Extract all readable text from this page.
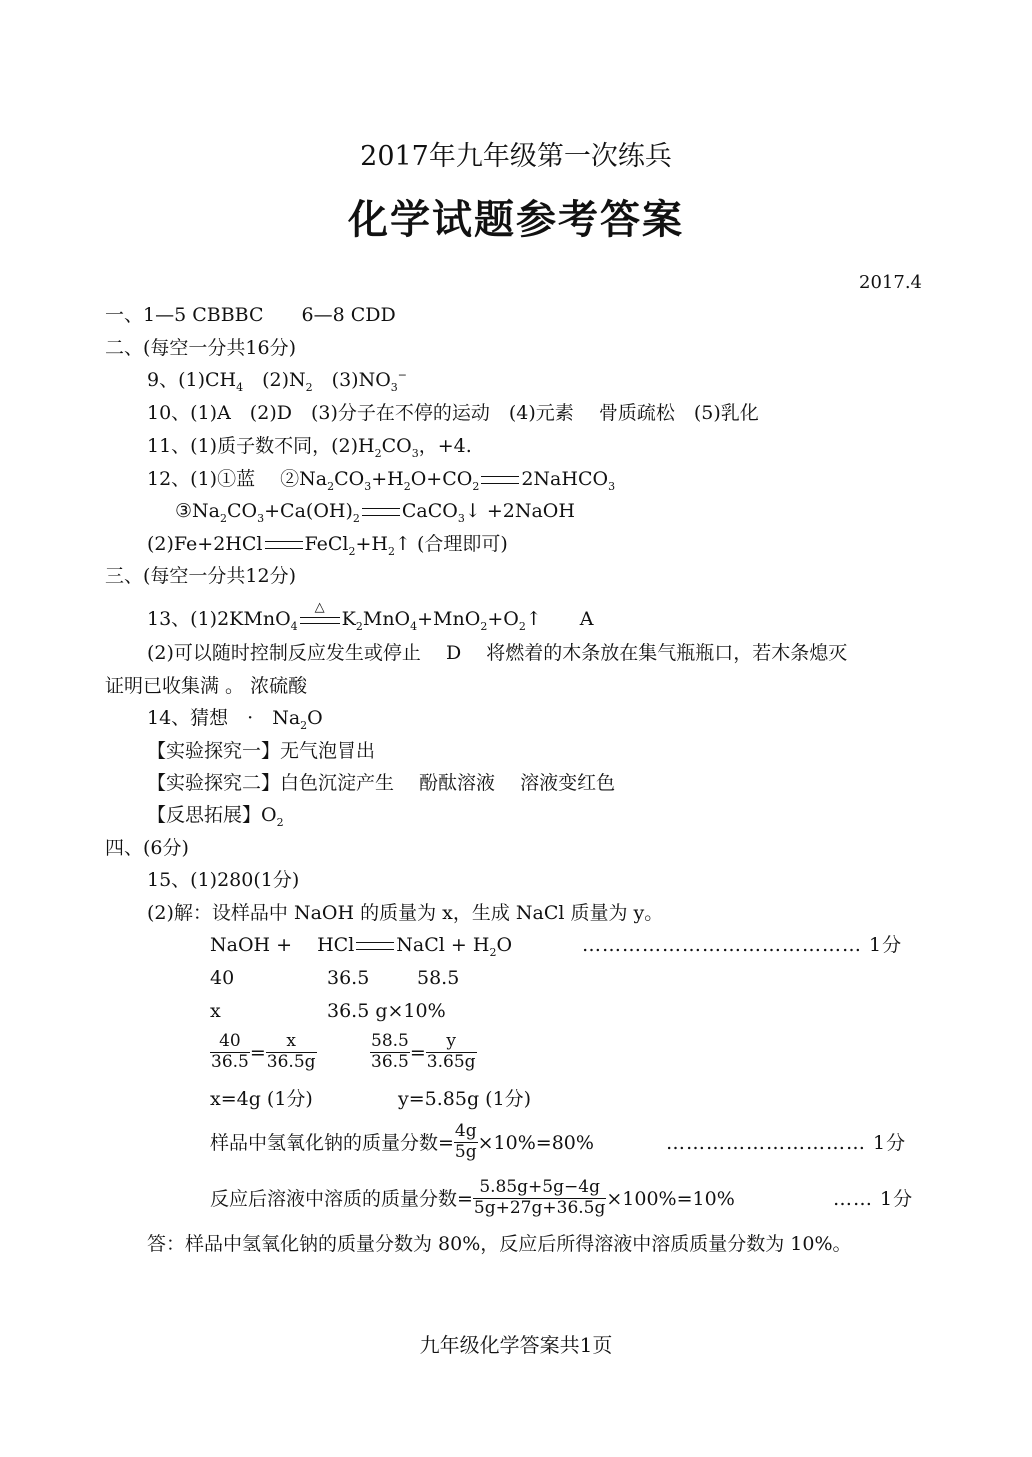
2017年九年级第一次练兵
化学试题参考答案
2017.4
一、1—5 CBBBC　　6—8 CDD
二、(每空一分共16分)
9、$(1)CH_4$　$(2)N_2$　$(3)NO_3^-$
10、(1)A　(2)D　(3)分子在不停的运动　(4)元素　 骨质疏松　(5)乳化
11、(1)质子数不同，$(2)H_2CO_3$，+4.
12、(1)①蓝　 $②Na_2CO_3+H_2O+CO_2$ 2NaHCO$_3$
$③Na_2CO_3+Ca(OH)_2$ CaCO$_3$↓ +2NaOH
(2)Fe+2HCl $FeCl_2+H_2↑$ (合理即可)
三、(每空一分共12分)
13、(1)2KMnO$_4$
△
$K_2MnO_4+MnO_2+O_2↑$　　A
(2)可以随时控制反应发生或停止　 D　 将燃着的木条放在集气瓶瓶口，若木条熄灭
证明已收集满 。 浓硫酸
14、猜想　·　$Na_2O$
【实验探究一】无气泡冒出
【实验探究二】白色沉淀产生　 酚酞溶液　 溶液变红色
【反思拓展】$O_2$
四、(6分)
15、(1)280(1分)
(2)解：设样品中 NaOH 的质量为 x，生成 NaCl 质量为 y。
NaOH +　 HCl NaCl + $H_2O$	…………………………………… 1分
40	36.5	58.5
x	36.5 g×10%
$\frac{40}{36.5} = \frac{x}{36.5g}$	$\frac{58.5}{36.5} = \frac{y}{3.65g}$
x=4g (1分)	y=5.85g (1分)
样品中氢氧化钠的质量分数= $\frac{4g}{5g} \times 10\%=80\%$	………………………… 1分
反应后溶液中溶质的质量分数= $\frac{5.85g+5g-4g}{5g+27g+36.5g} \times 100\%=10\%$	…… 1分
答：样品中氢氧化钠的质量分数为 80%，反应后所得溶液中溶质质量分数为 10%。
九年级化学答案共1页
